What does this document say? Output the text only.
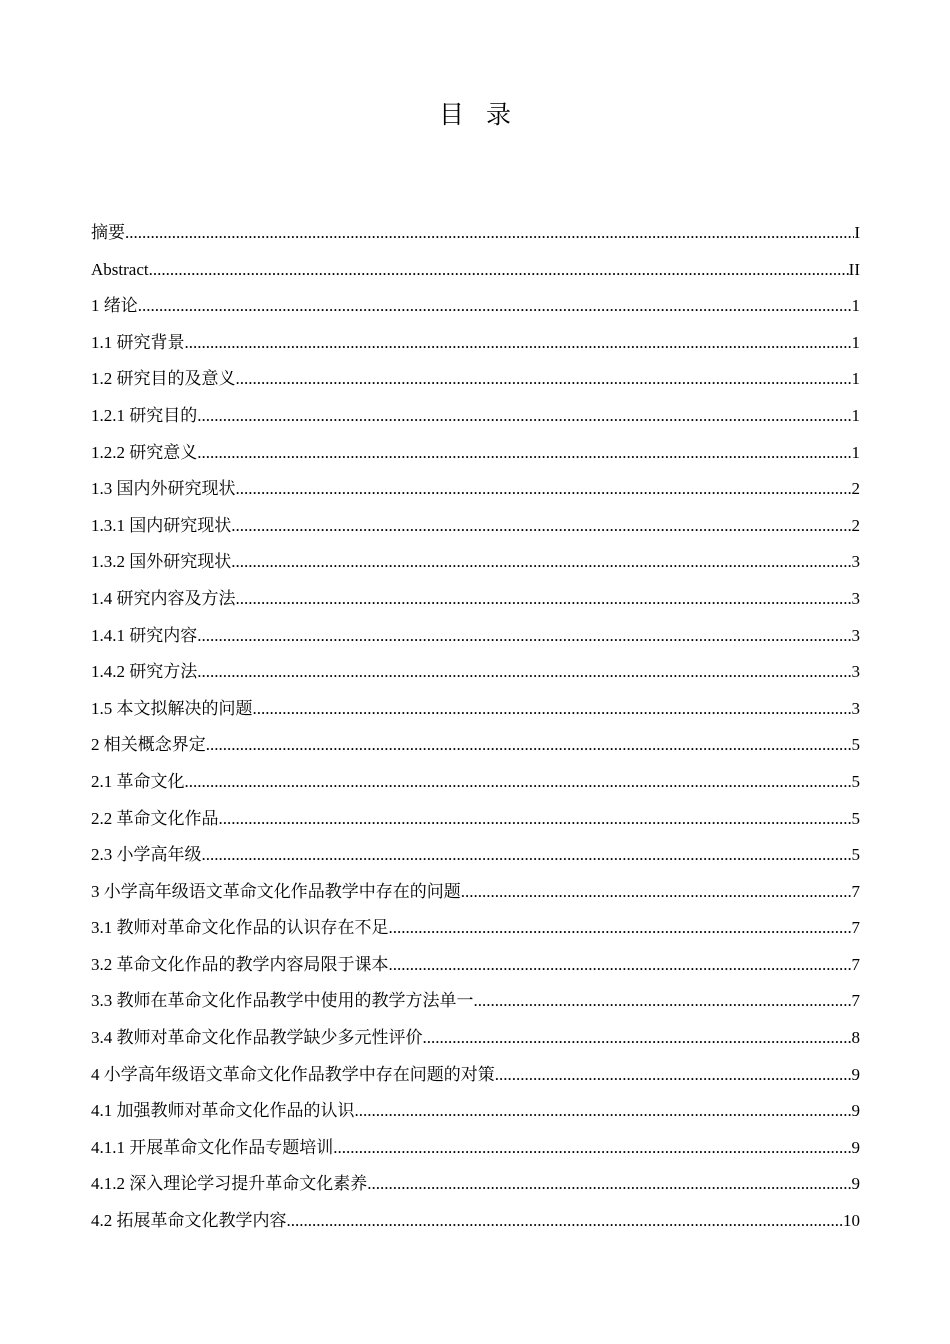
目录
摘要 .....	I
Abstract .....	II
1 绪论 .....	1
1.1 研究背景 .....	1
1.2 研究目的及意义 .....	1
1.2.1 研究目的 .....	1
1.2.2 研究意义 .....	1
1.3 国内外研究现状 .....	2
1.3.1 国内研究现状 .....	2
1.3.2 国外研究现状 .....	3
1.4 研究内容及方法 .....	3
1.4.1 研究内容 .....	3
1.4.2 研究方法 .....	3
1.5 本文拟解决的问题 .....	3
2 相关概念界定 .....	5
2.1 革命文化 .....	5
2.2 革命文化作品 .....	5
2.3 小学高年级 .....	5
3 小学高年级语文革命文化作品教学中存在的问题 .....	7
3.1 教师对革命文化作品的认识存在不足 .....	7
3.2 革命文化作品的教学内容局限于课本 .....	7
3.3 教师在革命文化作品教学中使用的教学方法单一 .....	7
3.4 教师对革命文化作品教学缺少多元性评价 .....	8
4 小学高年级语文革命文化作品教学中存在问题的对策 .....	9
4.1 加强教师对革命文化作品的认识 .....	9
4.1.1 开展革命文化作品专题培训 .....	9
4.1.2 深入理论学习提升革命文化素养 .....	9
4.2 拓展革命文化教学内容 .....	10
